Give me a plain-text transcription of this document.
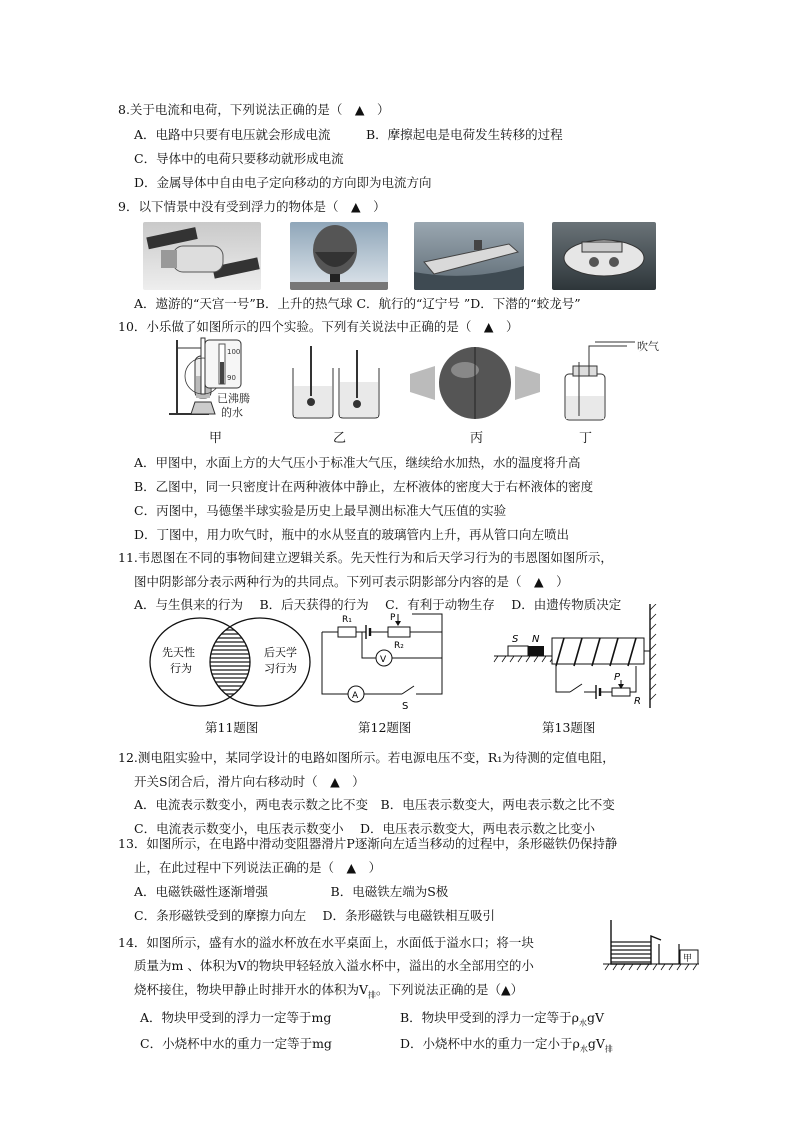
8.关于电流和电荷，下列说法正确的是（　▲　）
A．电路中只要有电压就会形成电流	B．摩擦起电是电荷发生转移的过程
C．导体中的电荷只要移动就形成电流
D．金属导体中自由电子定向移动的方向即为电流方向
9．以下情景中没有受到浮力的物体是（　▲　）
A．遨游的“天宫一号”B．上升的热气球 C．航行的“辽宁号 ”D．下潜的“蛟龙号”
10．小乐做了如图所示的四个实验。下列有关说法中正确的是（　▲　）
100
90
已沸腾
的水
甲	乙	丙
吹气
丁
A．甲图中，水面上方的大气压小于标准大气压，继续给水加热，水的温度将升高
B．乙图中，同一只密度计在两种液体中静止，左杯液体的密度大于右杯液体的密度
C．丙图中，马德堡半球实验是历史上最早测出标准大气压值的实验
D．丁图中，用力吹气时，瓶中的水从竖直的玻璃管内上升，再从管口向左喷出
11.韦恩图在不同的事物间建立逻辑关系。先天性行为和后天学习行为的韦恩图如图所示，
图中阴影部分表示两种行为的共同点。下列可表示阴影部分内容的是（　▲　）
A．与生俱来的行为　 B．后天获得的行为　 C．有利于动物生存　 D．由遗传物质决定
先天性
行为
后天学
习行为
A
S
R₁
R₂
P
V
S N
R
P
第11题图	第12题图	第13题图
12.测电阻实验中，某同学设计的电路如图所示。若电源电压不变，R₁为待测的定值电阻，
开关S闭合后，滑片向右移动时（　▲　）
A．电流表示数变小，两电表示数之比不变　B．电压表示数变大，两电表示数之比不变
C．电流表示数变小，电压表示数变小　 D．电压表示数变大，两电表示数之比变小
13．如图所示，在电路中滑动变阻器滑片P逐渐向左适当移动的过程中，条形磁铁仍保持静
止，在此过程中下列说法正确的是（　▲　）
A．电磁铁磁性逐渐增强　　　　　B．电磁铁左端为S极
C．条形磁铁受到的摩擦力向左　 D．条形磁铁与电磁铁相互吸引
14．如图所示，盛有水的溢水杯放在水平桌面上，水面低于溢水口；将一块
质量为m 、体积为V的物块甲轻轻放入溢水杯中，溢出的水全部用空的小
烧杯接住，物块甲静止时排开水的体积为$V_排$。下列说法正确的是（▲）
A．物块甲受到的浮力一定等于mg	B．物块甲受到的浮力一定等于$\rho_水gV$
C．小烧杯中水的重力一定等于mg	D．小烧杯中水的重力一定小于$\rho_水gV_排$
甲
